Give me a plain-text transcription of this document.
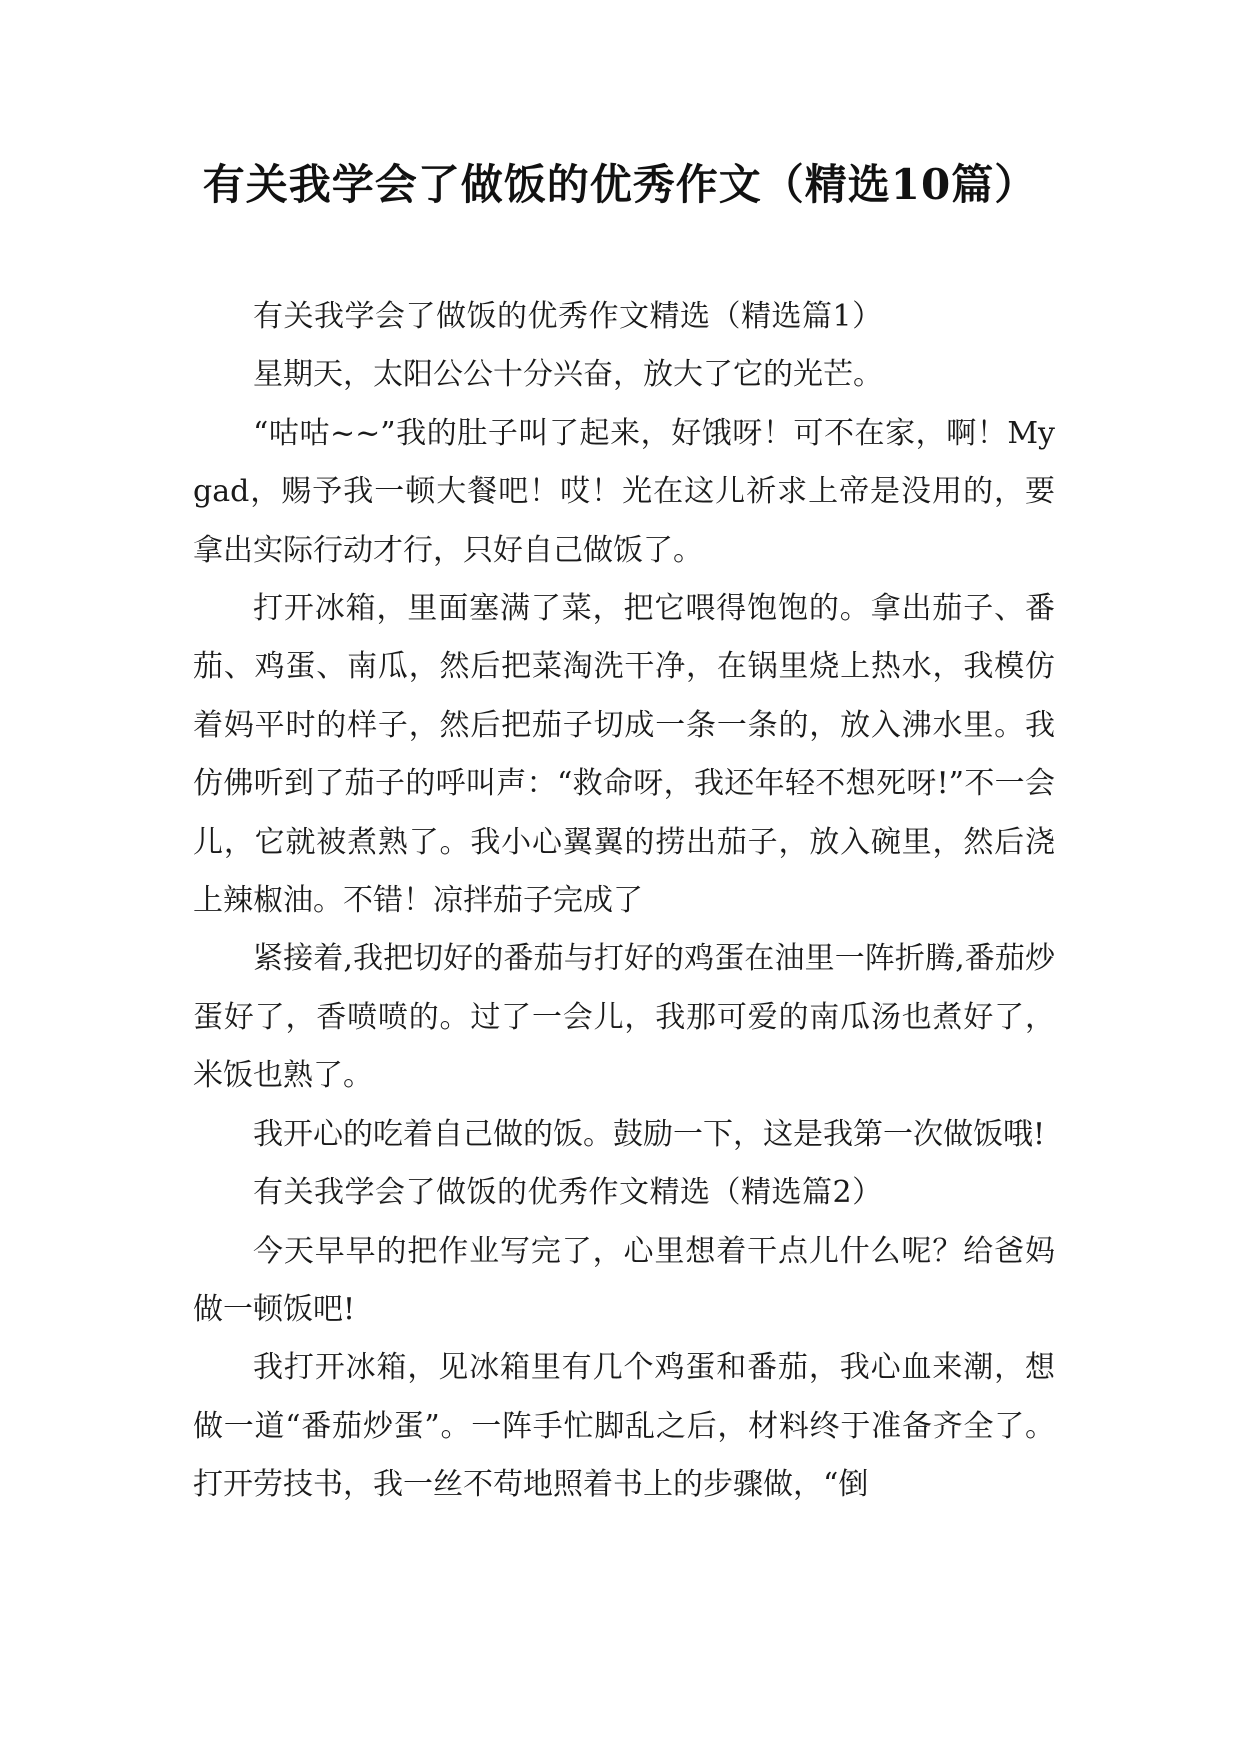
有关我学会了做饭的优秀作文（精选10篇）

有关我学会了做饭的优秀作文精选（精选篇1）

星期天，太阳公公十分兴奋，放大了它的光芒。

“咕咕~~”我的肚子叫了起来，好饿呀！可不在家，啊！Mygad，赐予我一顿大餐吧！哎！光在这儿祈求上帝是没用的，要拿出实际行动才行，只好自己做饭了。

打开冰箱，里面塞满了菜，把它喂得饱饱的。拿出茄子、番茄、鸡蛋、南瓜，然后把菜淘洗干净，在锅里烧上热水，我模仿着妈平时的样子，然后把茄子切成一条一条的，放入沸水里。我仿佛听到了茄子的呼叫声：“救命呀，我还年轻不想死呀!”不一会儿，它就被煮熟了。我小心翼翼的捞出茄子，放入碗里，然后浇上辣椒油。不错！凉拌茄子完成了

紧接着,我把切好的番茄与打好的鸡蛋在油里一阵折腾,番茄炒蛋好了，香喷喷的。过了一会儿，我那可爱的南瓜汤也煮好了，米饭也熟了。

我开心的吃着自己做的饭。鼓励一下，这是我第一次做饭哦!

有关我学会了做饭的优秀作文精选（精选篇2）

今天早早的把作业写完了，心里想着干点儿什么呢？给爸妈做一顿饭吧!

我打开冰箱，见冰箱里有几个鸡蛋和番茄，我心血来潮，想做一道“番茄炒蛋”。一阵手忙脚乱之后，材料终于准备齐全了。打开劳技书，我一丝不苟地照着书上的步骤做，“倒
